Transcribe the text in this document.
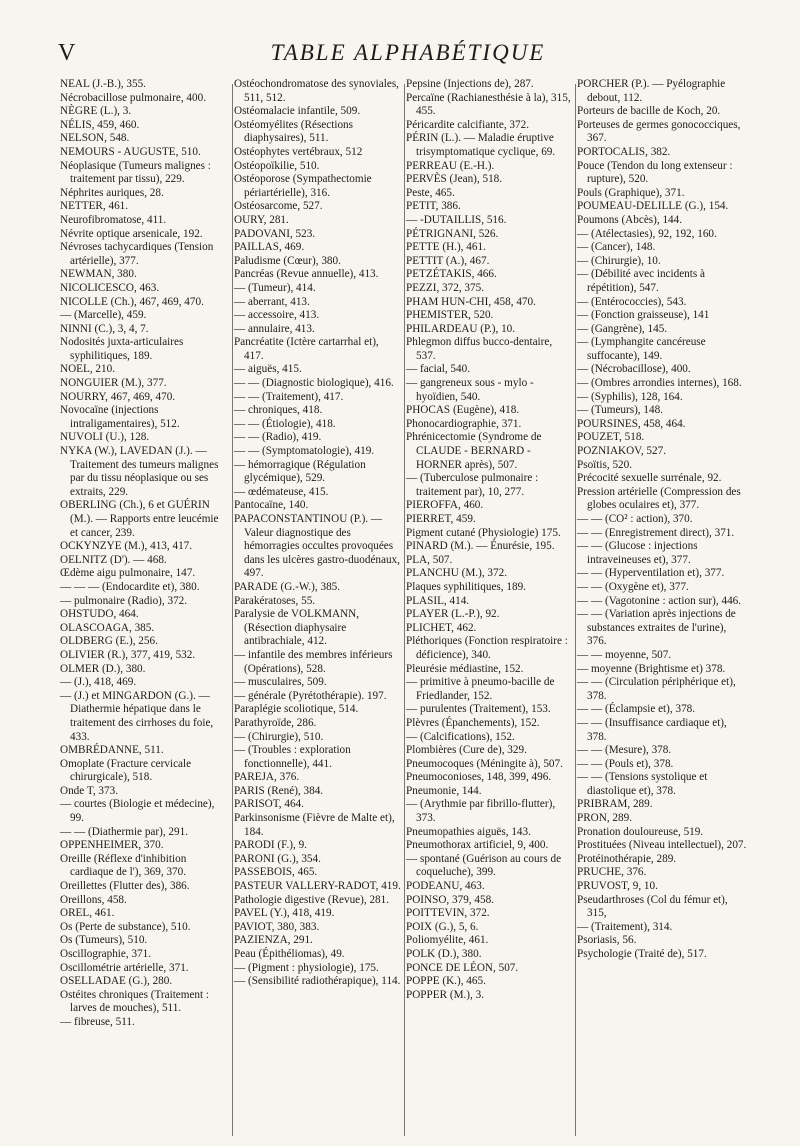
V	TABLE ALPHABÉTIQUE

NEAL (J.-B.), 355.

Nécrobacillose pulmonaire, 400.

NÈGRE (L.), 3.

NÉLIS, 459, 460.

NELSON, 548.

NEMOURS - AUGUSTE, 510.

Néoplasique (Tumeurs malignes : traitement par tissu), 229.

Néphrites auriques, 28.

NETTER, 461.

Neurofibromatose, 411.

Névrite optique arsenicale, 192.

Névroses tachycardiques (Tension artérielle), 377.

NEWMAN, 380.

NICOLICESCO, 463.

NICOLLE (Ch.), 467, 469, 470.

— (Marcelle), 459.

NINNI (C.), 3, 4, 7.

Nodosités juxta-articulaires syphilitiques, 189.

NOEL, 210.

NONGUIER (M.), 377.

NOURRY, 467, 469, 470.

Novocaïne (injections intraligamentaires), 512.

NUVOLI (U.), 128.

NYKA (W.), LAVEDAN (J.). — Traitement des tumeurs malignes par du tissu néoplasique ou ses extraits, 229.

OBERLING (Ch.), 6 et GUÉRIN (M.). — Rapports entre leucémie et cancer, 239.

OCKYNZYE (M.), 413, 417.

OELNITZ (D'). — 468.

Œdème aigu pulmonaire, 147.

— — — (Endocardite et), 380.

— pulmonaire (Radio), 372.

OHSTUDO, 464.

OLASCOAGA, 385.

OLDBERG (E.), 256.

OLIVIER (R.), 377, 419, 532.

OLMER (D.), 380.

— (J.), 418, 469.

— (J.) et MINGARDON (G.). — Diathermie hépatique dans le traitement des cirrhoses du foie, 433.

OMBRÉDANNE, 511.

Omoplate (Fracture cervicale chirurgicale), 518.

Onde T, 373.

— courtes (Biologie et médecine), 99.

— — (Diathermie par), 291.

OPPENHEIMER, 370.

Oreille (Réflexe d'inhibition cardiaque de l'), 369, 370.

Oreillettes (Flutter des), 386.

Oreillons, 458.

OREL, 461.

Os (Perte de substance), 510.

Os (Tumeurs), 510.

Oscillographie, 371.

Oscillométrie artérielle, 371.

OSELLADAE (G.), 280.

Ostéites chroniques (Traitement : larves de mouches), 511.

— fibreuse, 511.

Ostéochondromatose des synoviales, 511, 512.

Ostéomalacie infantile, 509.

Ostéomyélites (Résections diaphysaires), 511.

Ostéophytes vertébraux, 512

Ostéopoïkilie, 510.

Ostéoporose (Sympathectomie périartérielle), 316.

Ostéosarcome, 527.

OURY, 281.

PADOVANI, 523.

PAILLAS, 469.

Paludisme (Cœur), 380.

Pancréas (Revue annuelle), 413.

— (Tumeur), 414.

— aberrant, 413.

— accessoire, 413.

— annulaire, 413.

Pancréatite (Ictère cartarrhal et), 417.

— aiguës, 415.

— — (Diagnostic biologique), 416.

— — (Traitement), 417.

— chroniques, 418.

— — (Étiologie), 418.

— — (Radio), 419.

— — (Symptomatologie), 419.

— hémorragique (Régulation glycémique), 529.

— œdémateuse, 415.

Pantocaïne, 140.

PAPACONSTANTINOU (P.). — Valeur diagnostique des hémorragies occultes provoquées dans les ulcères gastro-duodénaux, 497.

PARADE (G.-W.), 385.

Parakératoses, 55.

Paralysie de VOLKMANN, (Résection diaphysaire antibrachiale, 412.

— infantile des membres inférieurs (Opérations), 528.

— musculaires, 509.

— générale (Pyrétothérapie). 197.

Paraplégie scoliotique, 514.

Parathyroïde, 286.

— (Chirurgie), 510.

— (Troubles : exploration fonctionnelle), 441.

PAREJA, 376.

PARIS (René), 384.

PARISOT, 464.

Parkinsonisme (Fièvre de Malte et), 184.

PARODI (F.), 9.

PARONI (G.), 354.

PASSEBOIS, 465.

PASTEUR VALLERY-RADOT, 419.

Pathologie digestive (Revue), 281.

PAVEL (Y.), 418, 419.

PAVIOT, 380, 383.

PAZIENZA, 291.

Peau (Épithéliomas), 49.

— (Pigment : physiologie), 175.

— (Sensibilité radiothérapique), 114.

Pepsine (Injections de), 287.

Percaïne (Rachianesthésie à la), 315, 455.

Péricardite calcifiante, 372.

PÉRIN (L.). — Maladie éruptive trisymptomatique cyclique, 69.

PERREAU (E.-H.).

PERVÈS (Jean), 518.

Peste, 465.

PETIT, 386.

— -DUTAILLIS, 516.

PÉTRIGNANI, 526.

PETTE (H.), 461.

PETTIT (A.), 467.

PETZÉTAKIS, 466.

PEZZI, 372, 375.

PHAM HUN-CHI, 458, 470.

PHEMISTER, 520.

PHILARDEAU (P.), 10.

Phlegmon diffus bucco-dentaire, 537.

— facial, 540.

— gangreneux sous - mylo - hyoïdien, 540.

PHOCAS (Eugène), 418.

Phonocardiographie, 371.

Phrénicectomie (Syndrome de CLAUDE - BERNARD - HORNER après), 507.

— (Tuberculose pulmonaire : traitement par), 10, 277.

PIEROFFA, 460.

PIERRET, 459.

Pigment cutané (Physiologie) 175.

PINARD (M.). — Énurésie, 195.

PLA, 507.

PLANCHU (M.), 372.

Plaques syphilitiques, 189.

PLASIL, 414.

PLAYER (L.-P.), 92.

PLICHET, 462.

Pléthoriques (Fonction respiratoire : déficience), 340.

Pleurésie médiastine, 152.

— primitive à pneumo-bacille de Friedlander, 152.

— purulentes (Traitement), 153.

Plèvres (Épanchements), 152.

— (Calcifications), 152.

Plombières (Cure de), 329.

Pneumocoques (Méningite à), 507.

Pneumoconioses, 148, 399, 496.

Pneumonie, 144.

— (Arythmie par fibrillo-flutter), 373.

Pneumopathies aiguës, 143.

Pneumothorax artificiel, 9, 400.

— spontané (Guérison au cours de coqueluche), 399.

PODEANU, 463.

POINSO, 379, 458.

POITTEVIN, 372.

POIX (G.), 5, 6.

Poliomyélite, 461.

POLK (D.), 380.

PONCE DE LÉON, 507.

POPPE (K.), 465.

POPPER (M.), 3.

PORCHER (P.). — Pyélographie debout, 112.

Porteurs de bacille de Koch, 20.

Porteuses de germes gonococciques, 367.

PORTOCALIS, 382.

Pouce (Tendon du long extenseur : rupture), 520.

Pouls (Graphique), 371.

POUMEAU-DELILLE (G.), 154.

Poumons (Abcès), 144.

— (Atélectasies), 92, 192, 160.

— (Cancer), 148.

— (Chirurgie), 10.

— (Débilité avec incidents à répétition), 547.

— (Entérococcies), 543.

— (Fonction graisseuse), 141

— (Gangrène), 145.

— (Lymphangite cancéreuse suffocante), 149.

— (Nécrobacillose), 400.

— (Ombres arrondies internes), 168.

— (Syphilis), 128, 164.

— (Tumeurs), 148.

POURSINES, 458, 464.

POUZET, 518.

POZNIAKOV, 527.

Psoïtis, 520.

Précocité sexuelle surrénale, 92.

Pression artérielle (Compression des globes oculaires et), 377.

— — (CO² : action), 370.

— — (Enregistrement direct), 371.

— — (Glucose : injections intraveineuses et), 377.

— — (Hyperventilation et), 377.

— — (Oxygène et), 377.

— — (Vagotonine : action sur), 446.

— — (Variation après injections de substances extraites de l'urine), 376.

— — moyenne, 507.

— moyenne (Brightisme et) 378.

— — (Circulation périphérique et), 378.

— — (Éclampsie et), 378.

— — (Insuffisance cardiaque et), 378.

— — (Mesure), 378.

— — (Pouls et), 378.

— — (Tensions systolique et diastolique et), 378.

PRIBRAM, 289.

PRON, 289.

Pronation douloureuse, 519.

Prostituées (Niveau intellectuel), 207.

Protéinothérapie, 289.

PRUCHE, 376.

PRUVOST, 9, 10.

Pseudarthroses (Col du fémur et), 315,

— (Traitement), 314.

Psoriasis, 56.

Psychologie (Traité de), 517.
